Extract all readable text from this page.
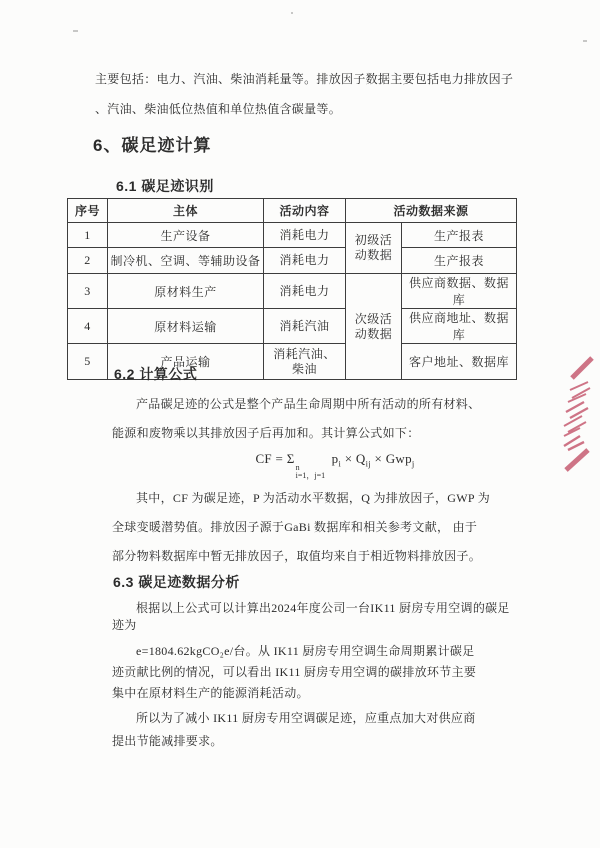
主要包括：电力、汽油、柴油消耗量等。排放因子数据主要包括电力排放因子
、汽油、柴油低位热值和单位热值含碳量等。
6、碳足迹计算
6.1 碳足迹识别
序号	主体	活动内容	活动数据来源	
1	生产设备	消耗电力	初级活动数据	生产报表
2	制冷机、空调、等辅助设备	消耗电力		生产报表
3	原材料生产	消耗电力	次级活动数据	供应商数据、数据库
4	原材料运输	消耗汽油		供应商地址、数据库
5	产品运输	消耗汽油、柴油		客户地址、数据库
6.2 计算公式
产品碳足迹的公式是整个产品生命周期中所有活动的所有材料、
能源和废物乘以其排放因子后再加和。其计算公式如下：
CF = Σ
n
i=1，j=1
$p_i \times Q_{ij} \times Gwp_j$
其中，CF 为碳足迹，P 为活动水平数据，Q 为排放因子，GWP 为
全球变暖潜势值。排放因子源于GaBi 数据库和相关参考文献， 由于
部分物料数据库中暂无排放因子，取值均来自于相近物料排放因子。
6.3 碳足迹数据分析
根据以上公式可以计算出2024年度公司一台IK11 厨房专用空调的碳足
迹为
e=1804.62kgCO₂e/台。从 IK11 厨房专用空调生命周期累计碳足
迹贡献比例的情况，可以看出 IK11 厨房专用空调的碳排放环节主要
集中在原材料生产的能源消耗活动。
所以为了减小 IK11 厨房专用空调碳足迹，应重点加大对供应商
提出节能减排要求。
